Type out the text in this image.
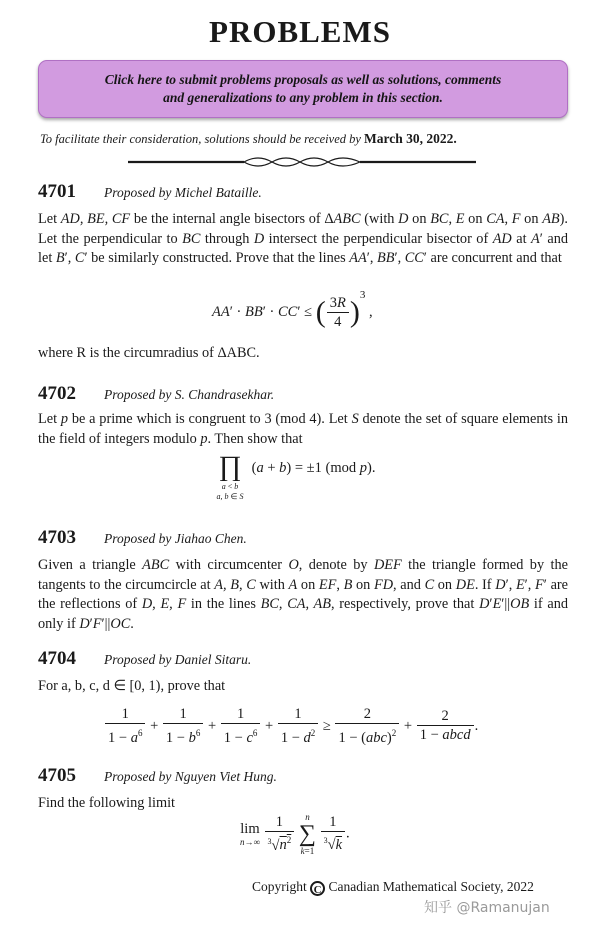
PROBLEMS
Click here to submit problems proposals as well as solutions, comments
and generalizations to any problem in this section.
To facilitate their consideration, solutions should be received by March 30, 2022.
4701 Proposed by Michel Bataille.
Let AD, BE, CF be the internal angle bisectors of ΔABC (with D on BC, E on CA, F on AB). Let the perpendicular to BC through D intersect the perpendicular bisector of AD at A′ and let B′, C′ be similarly constructed. Prove that the lines AA′, BB′, CC′ are concurrent and that
AA′ · BB′ · CC′ ≤ ( $\frac{3R}{4} )^3$ ,
where R is the circumradius of ΔABC.
4702 Proposed by S. Chandrasekhar.
Let p be a prime which is congruent to 3 (mod 4). Let S denote the set of square elements in the field of integers modulo p. Then show that
∏
a < b
a, b ∈ S
(a + b) = ±1 (mod p).
4703 Proposed by Jiahao Chen.
Given a triangle ABC with circumcenter O, denote by DEF the triangle formed by the tangents to the circumcircle at A, B, C with A on EF, B on FD, and C on DE. If D′, E′, F′ are the reflections of D, E, F in the lines BC, CA, AB, respectively, prove that D′E′||OB if and only if D′F′||OC.
4704 Proposed by Daniel Sitaru.
For a, b, c, d ∈ [0, 1), prove that
$\frac{1}{1 - a^6} + \frac{1}{1 - b^6} + \frac{1}{1 - c^6} + \frac{1}{1 - d^2} \ge \frac{2}{1 - (abc)^2} + \frac{2}{\text{1 − abcd}}$ .
4705 Proposed by Nguyen Viet Hung.
Find the following limit
lim
n→∞
$\frac{1}{^3√n^2}$
	n
∑
k=1
$\frac{1}{^3√k}$ .
Copyright C Canadian Mathematical Society, 2022
知乎 @Ramanujan
